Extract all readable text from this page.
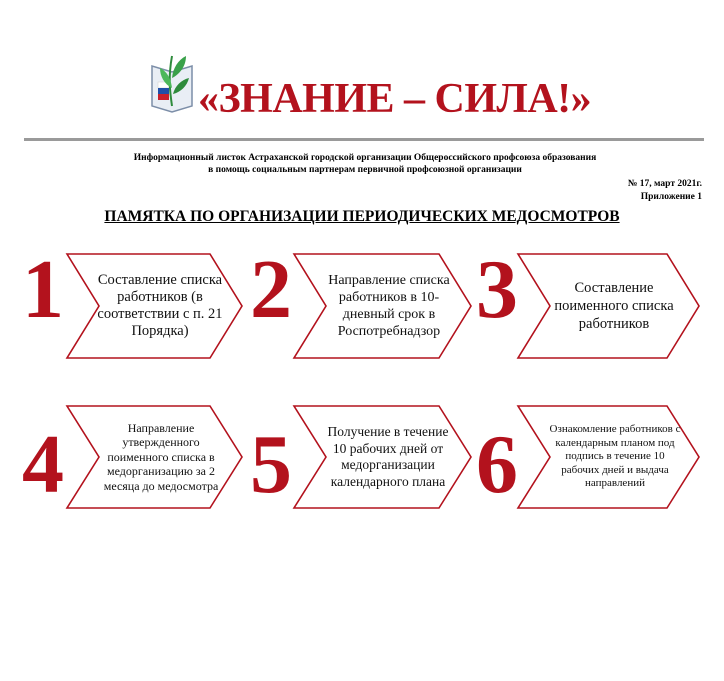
«ЗНАНИЕ – СИЛА!»
Информационный листок Астраханской городской организации Общероссийского профсоюза образования
в помощь социальным партнерам первичной профсоюзной организации
№ 17, март 2021г.
Приложение 1
ПАМЯТКА ПО ОРГАНИЗАЦИИ ПЕРИОДИЧЕСКИХ МЕДОСМОТРОВ
1	Составление списка работников (в соответствии с п. 21 Порядка) 2	Направление списка работников в 10-дневный срок в Роспотребнадзор 3	Составление поименного списка работников
4	Направление утвержденного поименного списка в медорганизацию за 2 месяца до медосмотра 5	Получение в течение 10 рабочих дней от медорганизации календарного плана 6	Ознакомление работников с календарным планом под подпись в течение 10 рабочих дней и выдача направлений
